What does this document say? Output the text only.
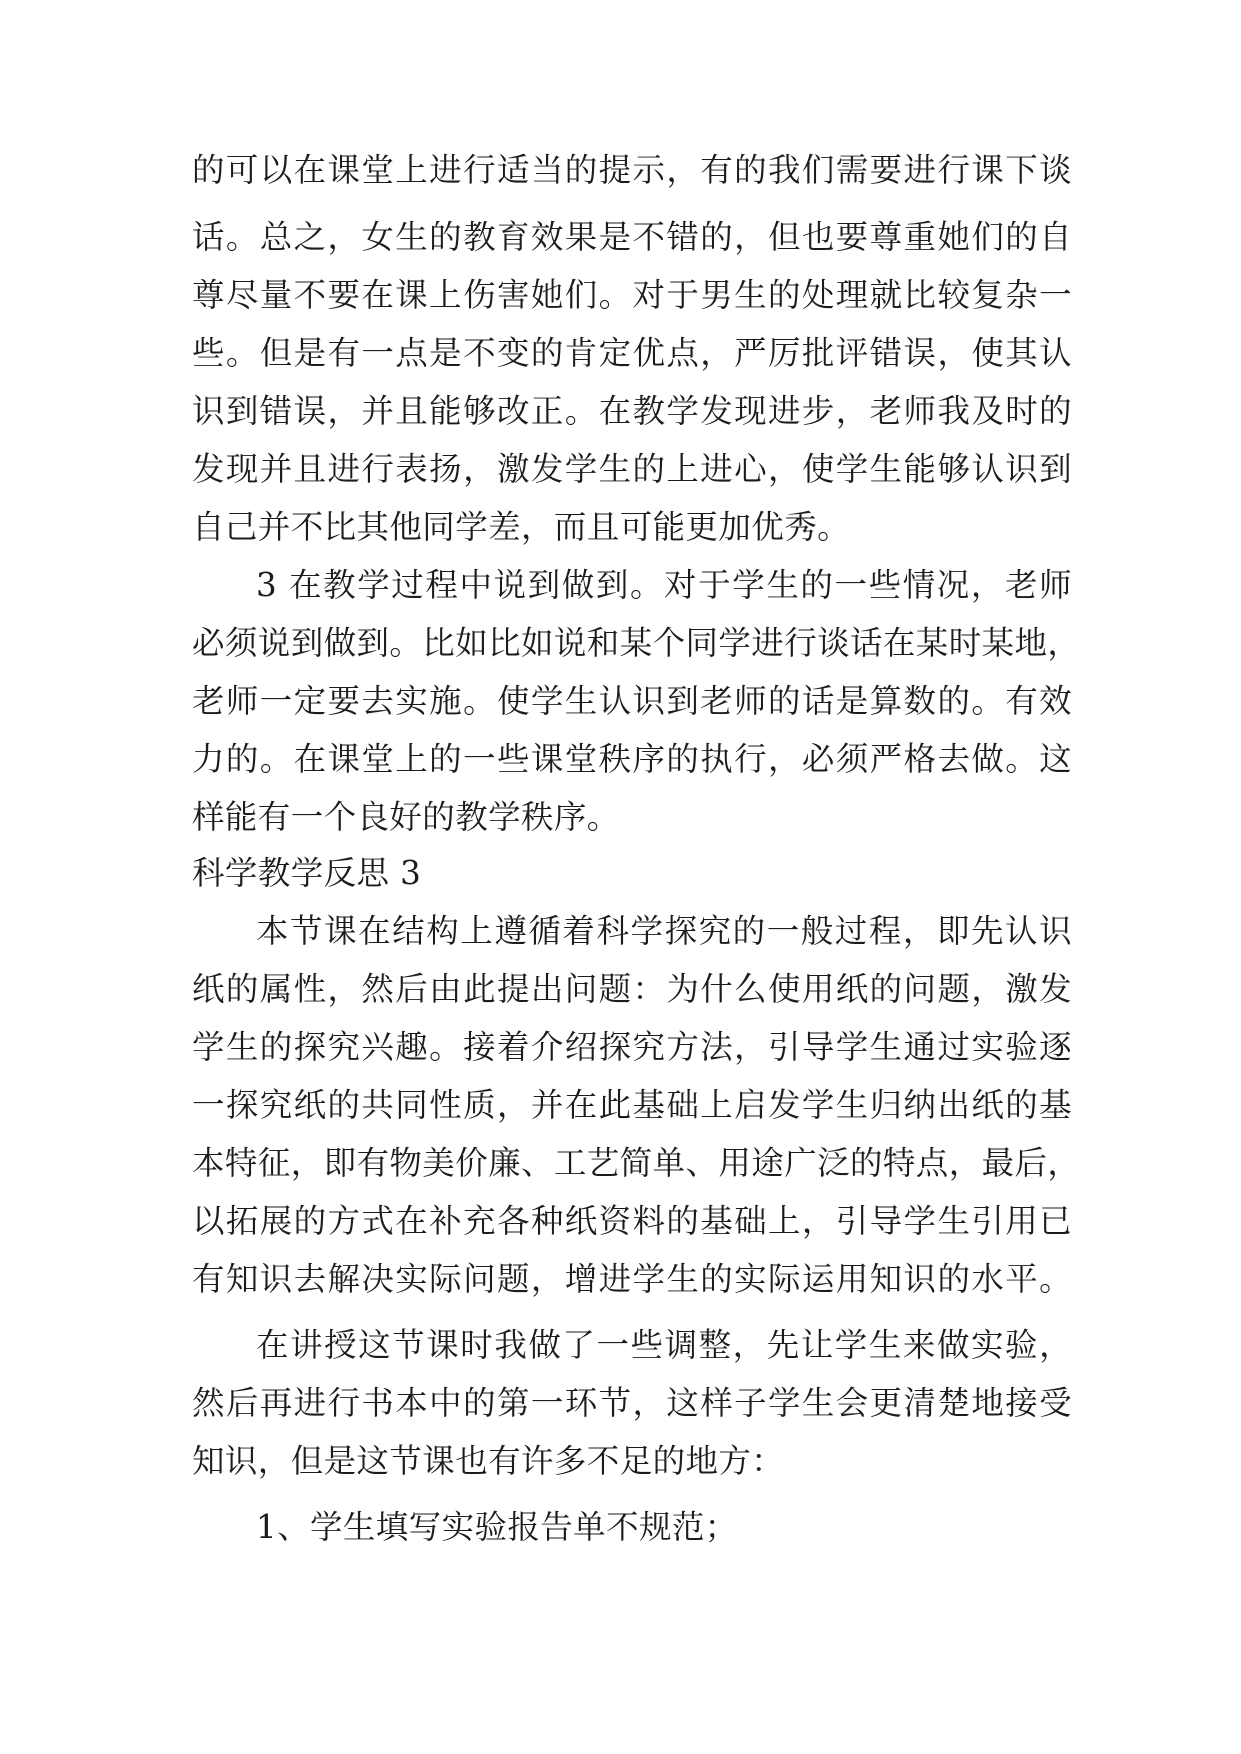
的可以在课堂上进行适当的提示，有的我们需要进行课下谈
话。总之，女生的教育效果是不错的，但也要尊重她们的自
尊尽量不要在课上伤害她们。对于男生的处理就比较复杂一
些。但是有一点是不变的肯定优点，严厉批评错误，使其认
识到错误，并且能够改正。在教学发现进步，老师我及时的
发现并且进行表扬，激发学生的上进心，使学生能够认识到
自己并不比其他同学差，而且可能更加优秀。
3 在教学过程中说到做到。对于学生的一些情况，老师
必须说到做到。比如比如说和某个同学进行谈话在某时某地，
老师一定要去实施。使学生认识到老师的话是算数的。有效
力的。在课堂上的一些课堂秩序的执行，必须严格去做。这
样能有一个良好的教学秩序。
科学教学反思 3
本节课在结构上遵循着科学探究的一般过程，即先认识
纸的属性，然后由此提出问题：为什么使用纸的问题，激发
学生的探究兴趣。接着介绍探究方法，引导学生通过实验逐
一探究纸的共同性质，并在此基础上启发学生归纳出纸的基
本特征，即有物美价廉、工艺简单、用途广泛的特点，最后，
以拓展的方式在补充各种纸资料的基础上，引导学生引用已
有知识去解决实际问题，增进学生的实际运用知识的水平。
在讲授这节课时我做了一些调整，先让学生来做实验，
然后再进行书本中的第一环节，这样子学生会更清楚地接受
知识，但是这节课也有许多不足的地方：
1、学生填写实验报告单不规范；
